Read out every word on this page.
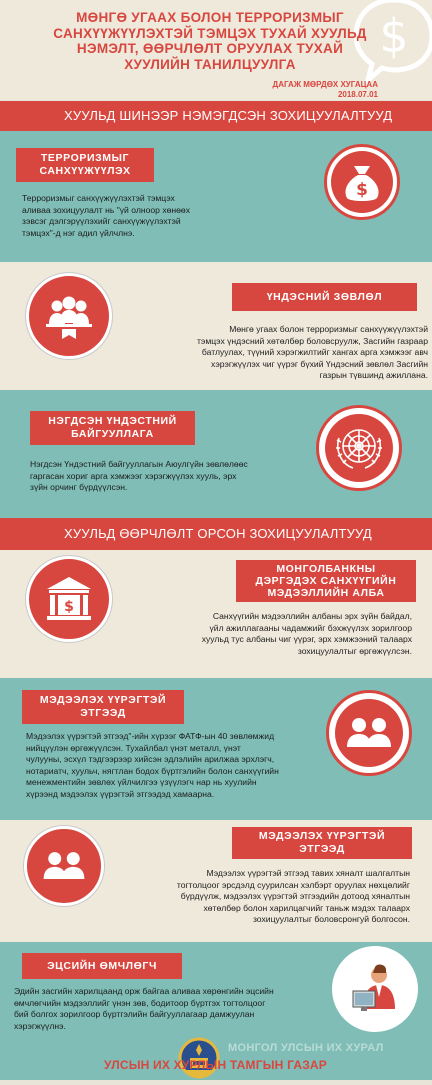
$
МӨНГӨ УГААХ БОЛОН ТЕРРОРИЗМЫГ
САНХҮҮЖҮҮЛЭХТЭЙ ТЭМЦЭХ ТУХАЙ ХУУЛЬД
НЭМЭЛТ, ӨӨРЧЛӨЛТ ОРУУЛАХ ТУХАЙ
ХУУЛИЙН ТАНИЛЦУУЛГА
ДАГАЖ МӨРДӨХ ХУГАЦАА
2018.07.01
ХУУЛЬД ШИНЭЭР НЭМЭГДСЭН ЗОХИЦУУЛАЛТУУД
ТЕРРОРИЗМЫГ
САНХҮҮЖҮҮЛЭХ
Терроризмыг санхүүжүүлэхтэй тэмцэх
аливаа зохицуулалт нь "үй олноор хөнөөх
зэвсэг дэлгэрүүлэхийг санхүүжүүлэхтэй
тэмцэх"-д нэг адил үйлчлнэ.
$
ҮНДЭСНИЙ ЗӨВЛӨЛ
Мөнгө угаах болон терроризмыг санхүүжүүлэхтэй
тэмцэх үндэсний хөтөлбөр боловсруулж, Засгийн газраар
батлуулах, түүний хэрэгжилтийг хангах арга хэмжээг авч
хэрэгжүүлэх чиг үүрэг бүхий Үндэсний зөвлөл Засгийн
газрын түвшинд ажиллана.
НЭГДСЭН ҮНДЭСТНИЙ
БАЙГУУЛЛАГА
Нэгдсэн Үндэстний байгууллагын Аюулгүйн зөвлөлөөс
гаргасан хориг арга хэмжээг хэрэгжүүлэх хууль, эрх
зүйн орчинг бүрдүүлсэн.
ХУУЛЬД ӨӨРЧЛӨЛТ ОРСОН ЗОХИЦУУЛАЛТУУД
$
МОНГОЛБАНКНЫ
ДЭРГЭДЭХ САНХҮҮГИЙН
МЭДЭЭЛЛИЙН АЛБА
Санхүүгийн мэдээллийн албаны эрх зүйн байдал,
үйл ажиллагааны чадамжийг бэхжүүлэх зорилгоор
хуульд тус албаны чиг үүрэг, эрх хэмжээний талаарх
зохицуулалтыг өргөжүүлсэн.
МЭДЭЭЛЭХ ҮҮРЭГТЭЙ
ЭТГЭЭД
Мэдээлэх үүрэгтэй этгээд"-ийн хүрээг ФАТФ-ын 40 зөвлөмжид
нийцүүлэн өргөжүүлсэн. Тухайлбал үнэт металл, үнэт
чулууны, эсхүл тэдгээрээр хийсэн эдлэлийн арилжаа эрхлэгч,
нотариатч, хуульч, нягтлан бодох бүртгэлийн болон санхүүгийн
менежментийн зөвлөх үйлчилгээ үзүүлэгч нар нь хуулийн
хүрээнд мэдээлэх үүрэгтэй этгээдэд хамаарна.
МЭДЭЭЛЭХ ҮҮРЭГТЭЙ
ЭТГЭЭД
Мэдээлэх үүрэгтэй этгээд тавих хяналт шалгалтын
тогтолцоог эрсдэлд суурилсан хэлбэрт оруулах нөхцөлийг
бүрдүүлж, мэдээлэх үүрэгтэй этгээдийн дотоод хяналтын
хөтөлбөр болон харилцагчийг таньж мэдэх талаарх
зохицуулалтыг боловсронгуй болгосон.
ЭЦСИЙН ӨМЧЛӨГЧ
Эдийн засгийн харилцаанд орж байгаа аливаа хөрөнгийн эцсийн
өмчлөгчийн мэдээллийг үнэн зөв, бодитоор бүртгэх тогтолцоог
бий болгох зорилгоор бүртгэлийн байгууллагаар дамжуулан
хэрэгжүүлнэ.
МОНГОЛ УЛСЫН ИХ ХУРАЛ
УЛСЫН ИХ ХУРЛЫН ТАМГЫН ГАЗАР
